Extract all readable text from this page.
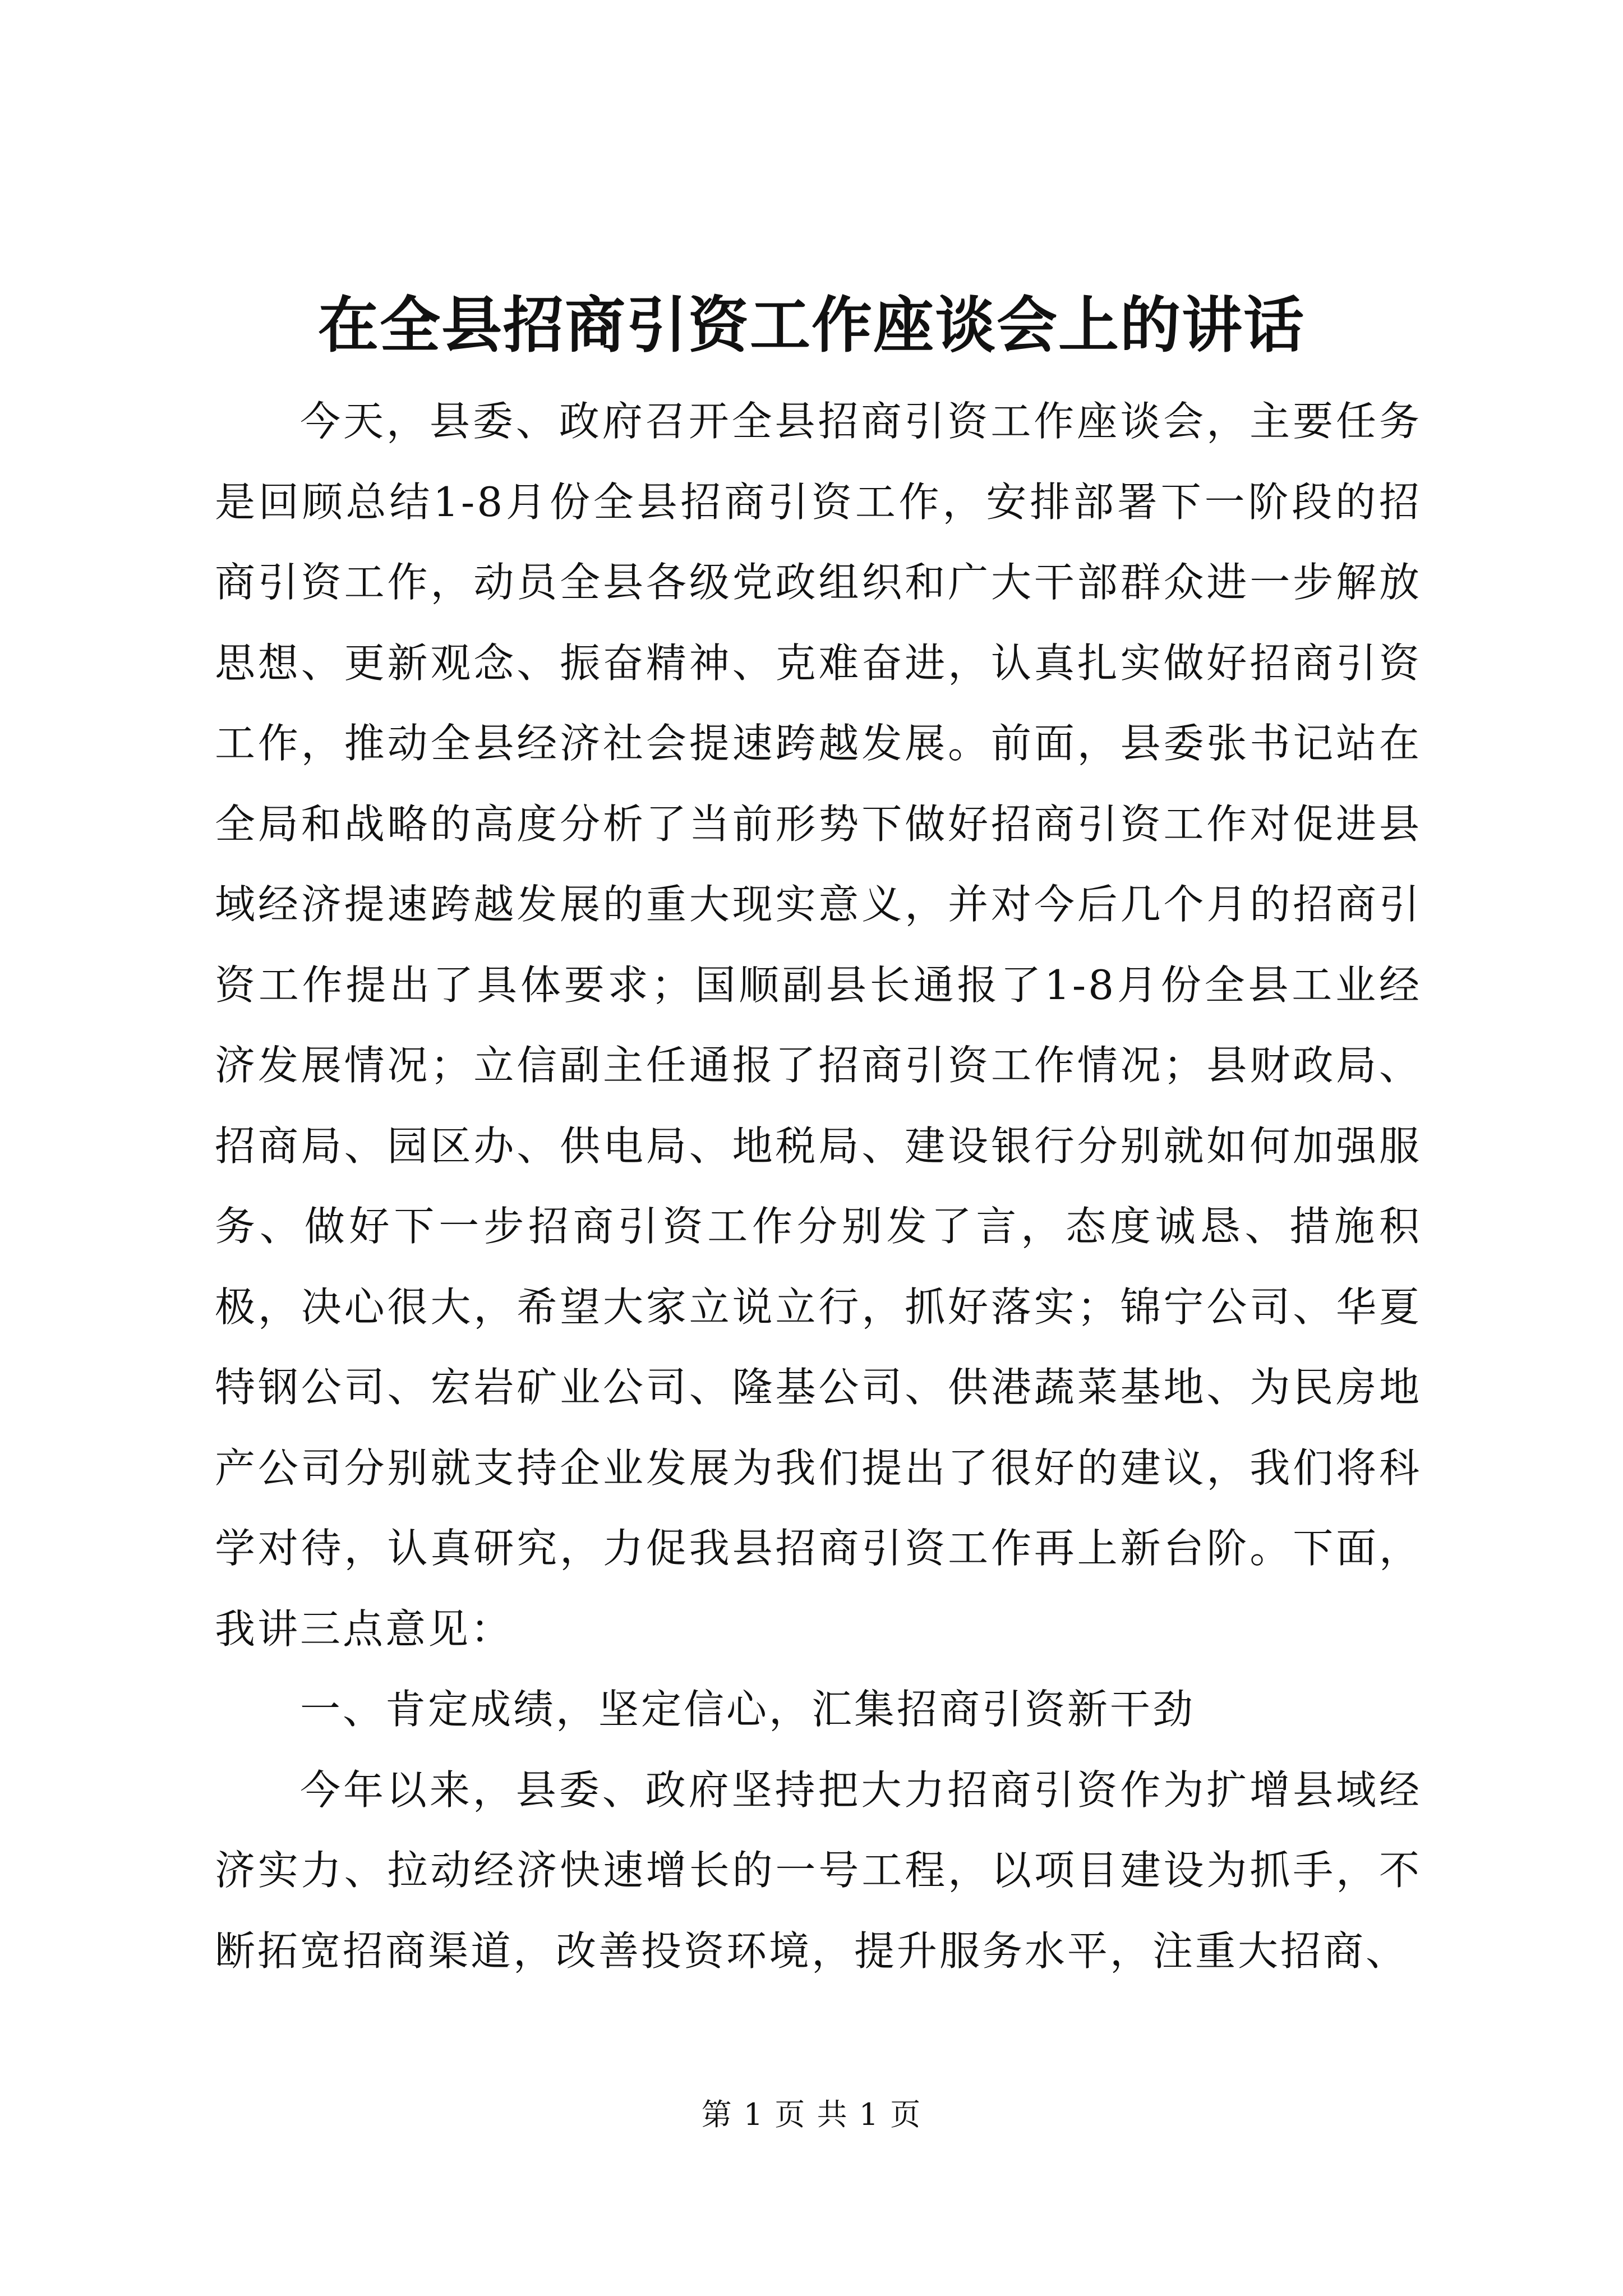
在全县招商引资工作座谈会上的讲话

今天，县委、政府召开全县招商引资工作座谈会，主要任务是回顾总结1-8月份全县招商引资工作，安排部署下一阶段的招商引资工作，动员全县各级党政组织和广大干部群众进一步解放思想、更新观念、振奋精神、克难奋进，认真扎实做好招商引资工作，推动全县经济社会提速跨越发展。前面，县委张书记站在全局和战略的高度分析了当前形势下做好招商引资工作对促进县域经济提速跨越发展的重大现实意义，并对今后几个月的招商引资工作提出了具体要求；国顺副县长通报了1-8月份全县工业经济发展情况；立信副主任通报了招商引资工作情况；县财政局、招商局、园区办、供电局、地税局、建设银行分别就如何加强服务、做好下一步招商引资工作分别发了言，态度诚恳、措施积极，决心很大，希望大家立说立行，抓好落实；锦宁公司、华夏特钢公司、宏岩矿业公司、隆基公司、供港蔬菜基地、为民房地产公司分别就支持企业发展为我们提出了很好的建议，我们将科学对待，认真研究，力促我县招商引资工作再上新台阶。下面，我讲三点意见：

一、肯定成绩，坚定信心，汇集招商引资新干劲

今年以来，县委、政府坚持把大力招商引资作为扩增县域经济实力、拉动经济快速增长的一号工程，以项目建设为抓手，不断拓宽招商渠道，改善投资环境，提升服务水平，注重大招商、

第 1 页 共 1 页
